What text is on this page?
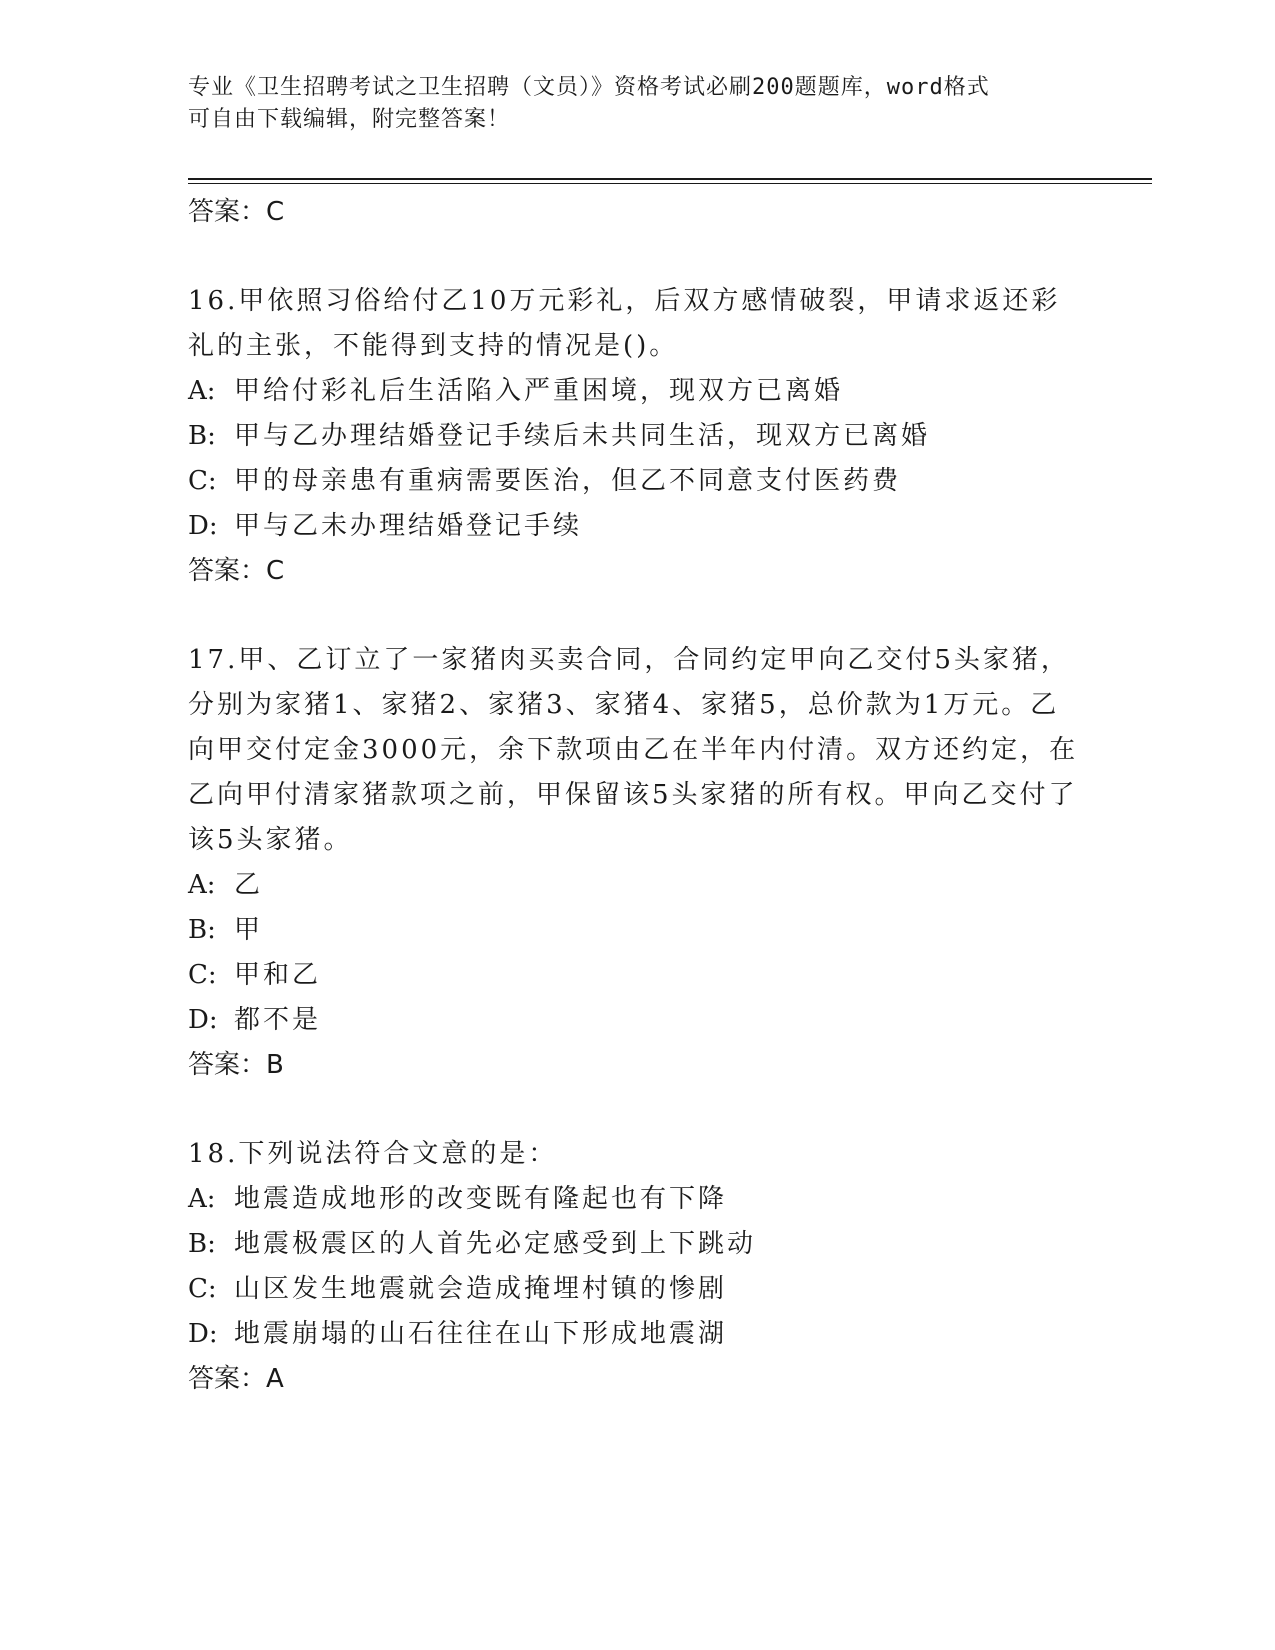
专业《卫生招聘考试之卫生招聘（文员）》资格考试必刷200题题库，word格式
可自由下载编辑，附完整答案！
答案：C
16.甲依照习俗给付乙10万元彩礼，后双方感情破裂，甲请求返还彩礼的主张，不能得到支持的情况是()。
A: 甲给付彩礼后生活陷入严重困境，现双方已离婚
B: 甲与乙办理结婚登记手续后未共同生活，现双方已离婚
C: 甲的母亲患有重病需要医治，但乙不同意支付医药费
D: 甲与乙未办理结婚登记手续
答案：C
17.甲、乙订立了一家猪肉买卖合同，合同约定甲向乙交付5头家猪，分别为家猪1、家猪2、家猪3、家猪4、家猪5，总价款为1万元。乙向甲交付定金3000元，余下款项由乙在半年内付清。双方还约定，在乙向甲付清家猪款项之前，甲保留该5头家猪的所有权。甲向乙交付了该5头家猪。
A: 乙
B: 甲
C: 甲和乙
D: 都不是
答案：B
18.下列说法符合文意的是：
A: 地震造成地形的改变既有隆起也有下降
B: 地震极震区的人首先必定感受到上下跳动
C: 山区发生地震就会造成掩埋村镇的惨剧
D: 地震崩塌的山石往往在山下形成地震湖
答案：A
